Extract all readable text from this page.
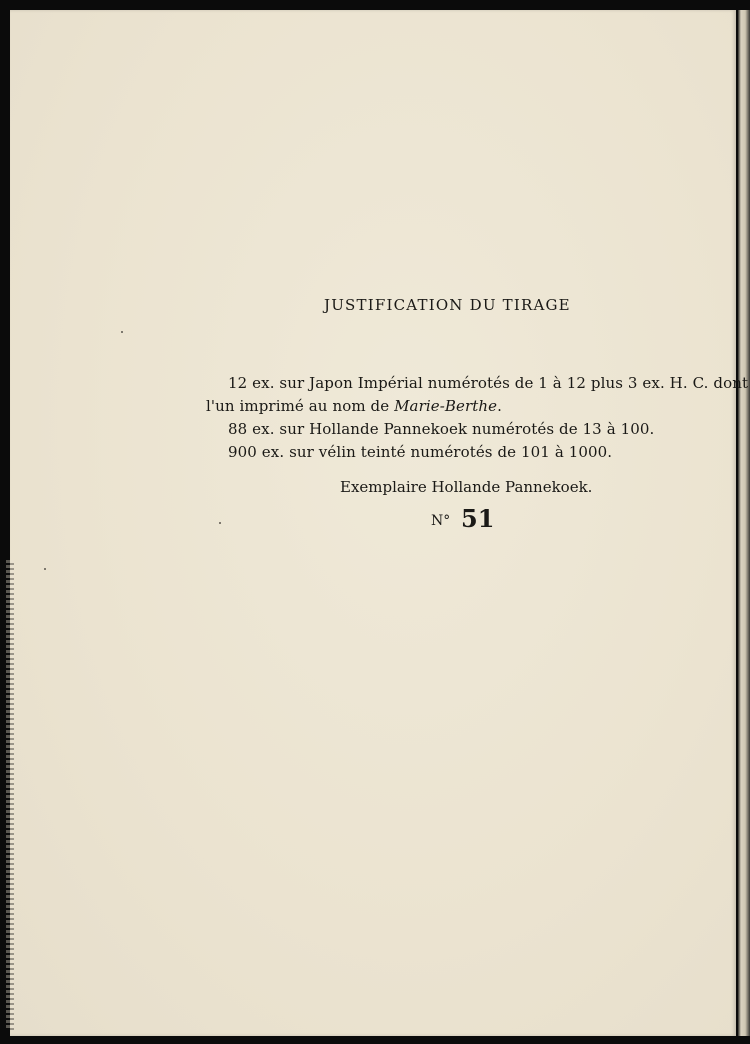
JUSTIFICATION DU TIRAGE
12 ex. sur Japon Impérial numérotés de 1 à 12 plus 3 ex. H. C. dont
l'un imprimé au nom de Marie-Berthe.
88 ex. sur Hollande Pannekoek numérotés de 13 à 100.
900 ex. sur vélin teinté numérotés de 101 à 1000.
Exemplaire Hollande Pannekoek.
N° 51
